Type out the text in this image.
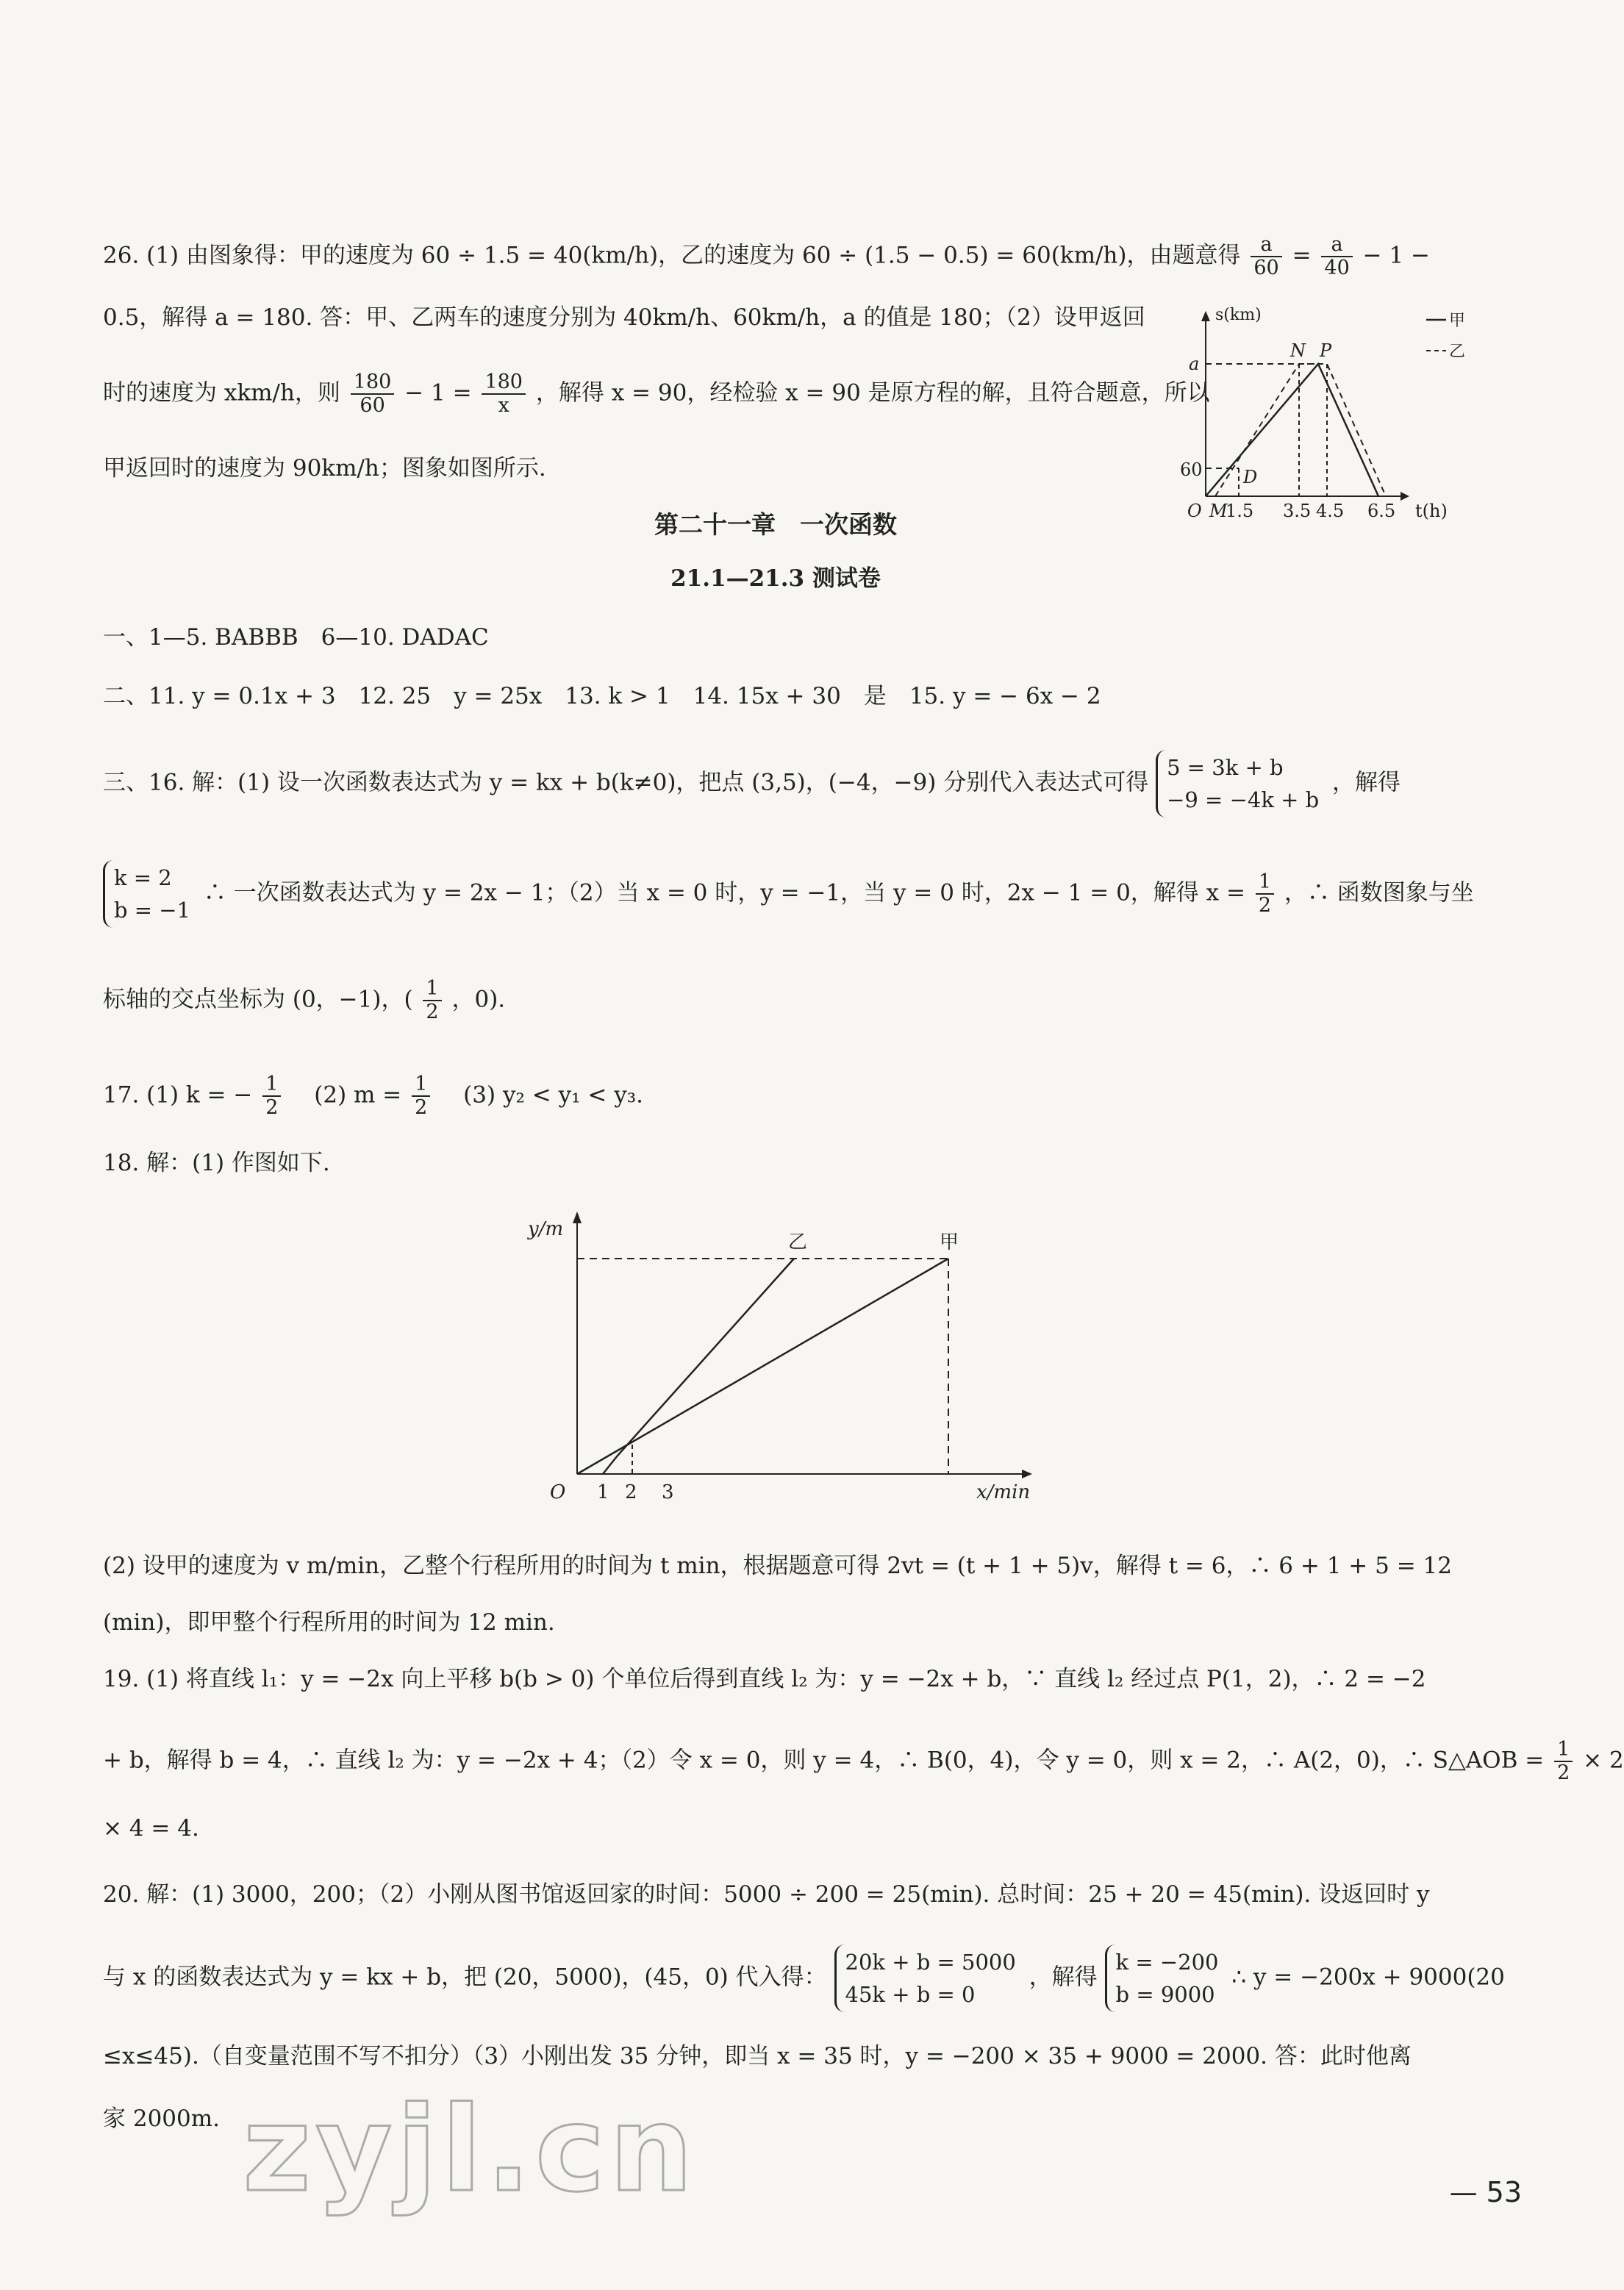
26. (1) 由图象得：甲的速度为 60 ÷ 1.5 = 40(km/h)，乙的速度为 60 ÷ (1.5 − 0.5) = 60(km/h)，由题意得 $\frac{a}{60} = \frac{a}{40} - 1$ −
0.5，解得 a = 180. 答：甲、乙两车的速度分别为 40km/h、60km/h，a 的值是 180；（2）设甲返回
时的速度为 xkm/h，则 $\frac{180}{60} - 1 = \frac{180}{x}$ ，解得 x = 90，经检验 x = 90 是原方程的解，且符合题意，所以
甲返回时的速度为 90km/h；图象如图所示.
s(km)
t(h)
O
a
60
M
1.5 3.5 4.5 6.5
N P
D
甲
乙
第二十一章　一次函数
21.1—21.3 测试卷
一、1—5. BABBB　6—10. DADAC
二、11. y = 0.1x + 3　12. 25　y = 25x　13. k > 1　14. 15x + 30　是　15. y = − 6x − 2
三、16. 解：(1) 设一次函数表达式为 y = kx + b(k≠0)，把点 (3,5)，(−4，−9) 分别代入表达式可得
5 = 3k + b
−9 = −4k + b
，解得
k = 2
b = −1
∴ 一次函数表达式为 y = 2x − 1；（2）当 x = 0 时，y = −1，当 y = 0 时，2x − 1 = 0，解得 $x = \frac{1}{2}$ ，∴ 函数图象与坐
标轴的交点坐标为 (0，−1)，( $\frac{1}{2}$ ，0).
17. (1) k = − $\frac{1}{2}$ 　(2) $m = \frac{1}{2}$ 　(3) y₂ < y₁ < y₃.
18. 解：(1) 作图如下.
y/m
x/min
O 1 2 3
乙	甲
(2) 设甲的速度为 v m/min，乙整个行程所用的时间为 t min，根据题意可得 2vt = (t + 1 + 5)v，解得 t = 6，∴ 6 + 1 + 5 = 12
(min)，即甲整个行程所用的时间为 12 min.
19. (1) 将直线 l₁：y = −2x 向上平移 b(b > 0) 个单位后得到直线 l₂ 为：y = −2x + b，∵ 直线 l₂ 经过点 P(1，2)，∴ 2 = −2
+ b，解得 b = 4，∴ 直线 l₂ 为：y = −2x + 4；（2）令 x = 0，则 y = 4，∴ B(0，4)，令 y = 0，则 x = 2，∴ A(2，0)，∴ S△AOB = $\frac{1}{2} \times 2$
× 4 = 4.
20. 解：(1) 3000，200；（2）小刚从图书馆返回家的时间：5000 ÷ 200 = 25(min). 总时间：25 + 20 = 45(min). 设返回时 y
与 x 的函数表达式为 y = kx + b，把 (20，5000)，(45，0) 代入得：
20k + b = 5000
45k + b = 0
，解得
k = −200
b = 9000
∴ y = −200x + 9000(20
≤x≤45).（自变量范围不写不扣分）（3）小刚出发 35 分钟，即当 x = 35 时，y = −200 × 35 + 9000 = 2000. 答：此时他离
家 2000m. zyjl.cn	— 53
